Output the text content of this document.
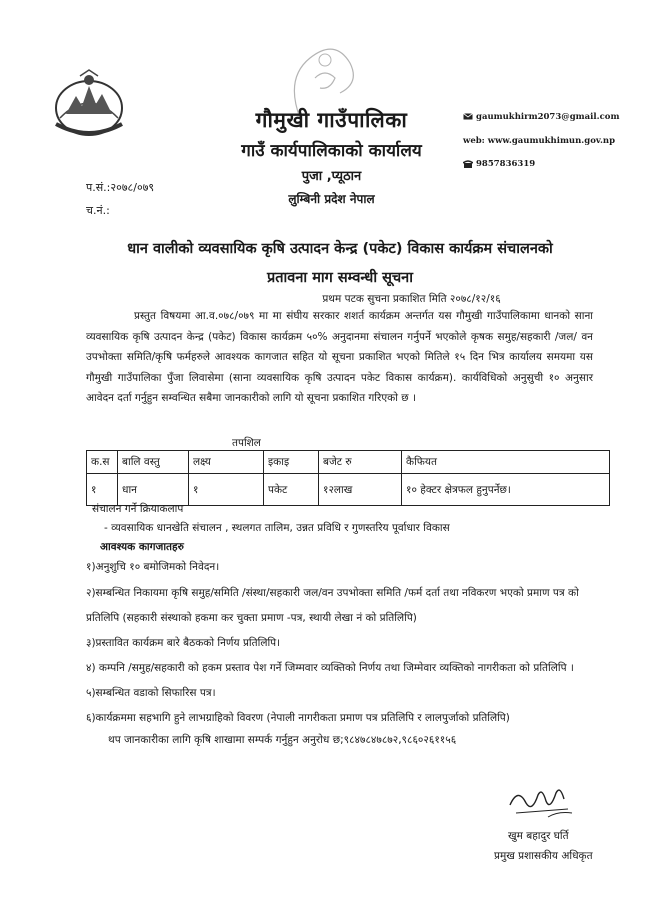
गौमुखी गाउँपालिका
गाउँ कार्यपालिकाको कार्यालय
पुजा ,प्यूठान
लुम्बिनी प्रदेश नेपाल
gaumukhirm2073@gmail.com
web: www.gaumukhimun.gov.np
9857836319
प.सं.:२०७८/०७९
च.नं.:
धान वालीको व्यवसायिक कृषि उत्पादन केन्द्र (पकेट) विकास कार्यक्रम संचालनको
प्रतावना माग सम्वन्धी सूचना
प्रथम पटक सुचना प्रकाशित मिति २०७८/१२/१६
प्रस्तुत विषयमा आ.व.०७८/०७९ मा मा संघीय सरकार शशर्त कार्यक्रम अन्तर्गत यस गौमुखी गाउँपालिकामा धानको साना व्यवसायिक कृषि उत्पादन केन्द्र (पकेट) विकास कार्यक्रम ५०% अनुदानमा संचालन गर्नुपर्ने भएकोले कृषक समुह/सहकारी /जल/ वन उपभोक्ता समिति/कृषि फर्महरुले आवश्यक कागजात सहित यो सूचना प्रकाशित भएको मितिले १५ दिन भित्र कार्यालय समयमा यस गौमुखी गाउँपालिका पुँजा लिवासेमा (साना व्यवसायिक कृषि उत्पादन पकेट विकास कार्यक्रम). कार्यविधिको अनुसुची १० अनुसार आवेदन दर्ता गर्नुहुन सम्वन्धित सबैमा जानकारीको लागि यो सूचना प्रकाशित गरिएको छ ।
तपशिल
क.स	बालि वस्तु	लक्ष्य	इकाइ	बजेट रु	कैफियत
१	धान	१	पकेट	१२लाख	१० हेक्टर क्षेत्रफल हुनुपर्नेछ।
संचालन गर्ने क्रियाकलाप
- व्यवसायिक धानखेति संचालन , स्थलगत तालिम, उन्नत प्रविधि र गुणस्तरिय पूर्वाधार विकास
आवश्यक कागजातहरु
१)अनुशुचि १० बमोजिमको निवेदन।
२)सम्बन्धित निकायमा कृषि समुह/समिति /संस्था/सहकारी जल/वन उपभोक्ता समिति /फर्म दर्ता तथा नविकरण भएको प्रमाण पत्र को
प्रतिलिपि (सहकारी संस्थाको हकमा कर चुक्ता प्रमाण -पत्र, स्थायी लेखा नं को प्रतिलिपि)
३)प्रस्तावित कार्यक्रम बारे बैठकको निर्णय प्रतिलिपि।
४) कम्पनि /समुह/सहकारी को हकम प्रस्ताव पेश गर्ने जिम्मवार व्यक्तिको निर्णय तथा जिम्मेवार व्यक्तिको नागरीकता को प्रतिलिपि ।
५)सम्बन्धित वडाको सिफारिस पत्र।
६)कार्यक्रममा सहभागि हुने लाभग्राहिको विवरण (नेपाली नागरीकता प्रमाण पत्र प्रतिलिपि र लालपुर्जाको प्रतिलिपि)
थप जानकारीका लागि कृषि शाखामा सम्पर्क गर्नुहुन अनुरोध छ;९८४७८४७८७२,९८६०२६११५६
खुम बहादुर घर्ति
प्रमुख प्रशासकीय अधिकृत
